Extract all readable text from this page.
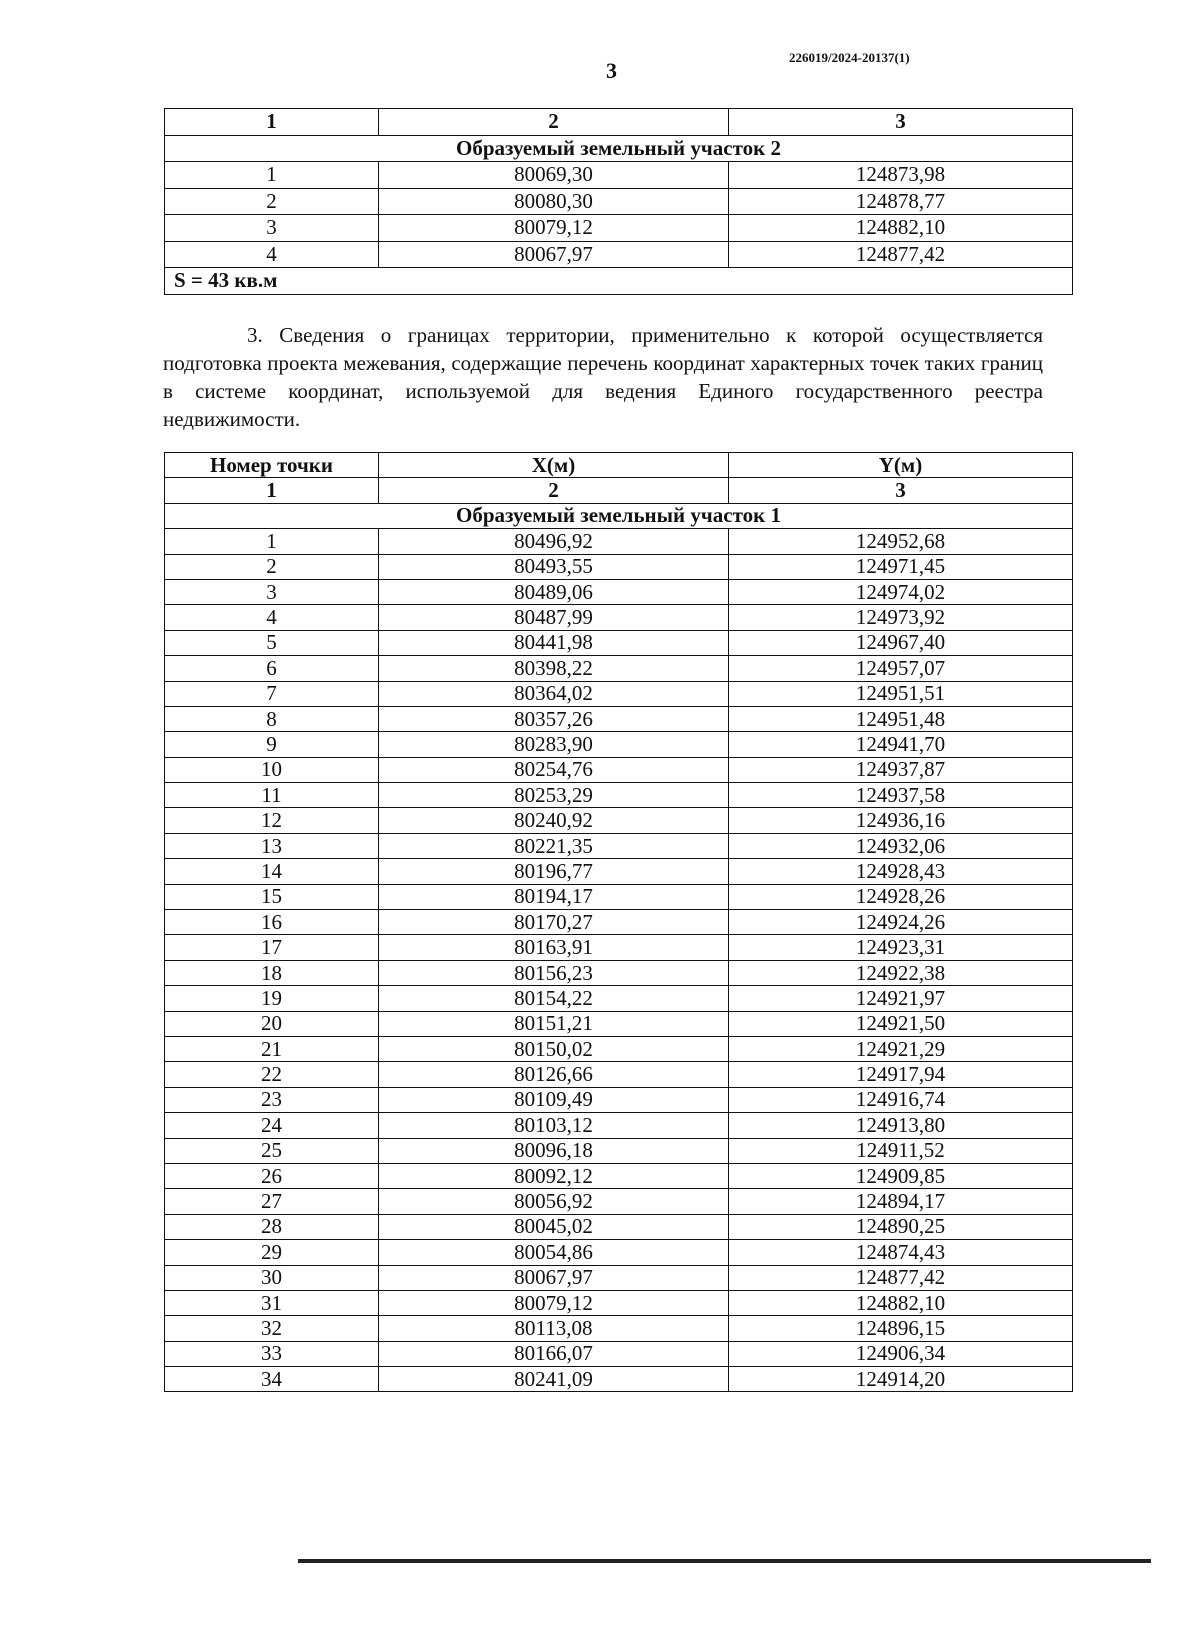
3
226019/2024-20137(1)
1	2	3
Образуемый земельный участок 2		
1	80069,30	124873,98
2	80080,30	124878,77
3	80079,12	124882,10
4	80067,97	124877,42
S = 43 кв.м		
3. Сведения о границах территории, применительно к которой осуществляется подготовка проекта межевания, содержащие перечень координат характерных точек таких границ в системе координат, используемой для ведения Единого государственного реестра недвижимости.
Номер точки	X(м)	Y(м)
1	2	3
Образуемый земельный участок 1		
1	80496,92	124952,68
2	80493,55	124971,45
3	80489,06	124974,02
4	80487,99	124973,92
5	80441,98	124967,40
6	80398,22	124957,07
7	80364,02	124951,51
8	80357,26	124951,48
9	80283,90	124941,70
10	80254,76	124937,87
11	80253,29	124937,58
12	80240,92	124936,16
13	80221,35	124932,06
14	80196,77	124928,43
15	80194,17	124928,26
16	80170,27	124924,26
17	80163,91	124923,31
18	80156,23	124922,38
19	80154,22	124921,97
20	80151,21	124921,50
21	80150,02	124921,29
22	80126,66	124917,94
23	80109,49	124916,74
24	80103,12	124913,80
25	80096,18	124911,52
26	80092,12	124909,85
27	80056,92	124894,17
28	80045,02	124890,25
29	80054,86	124874,43
30	80067,97	124877,42
31	80079,12	124882,10
32	80113,08	124896,15
33	80166,07	124906,34
34	80241,09	124914,20
